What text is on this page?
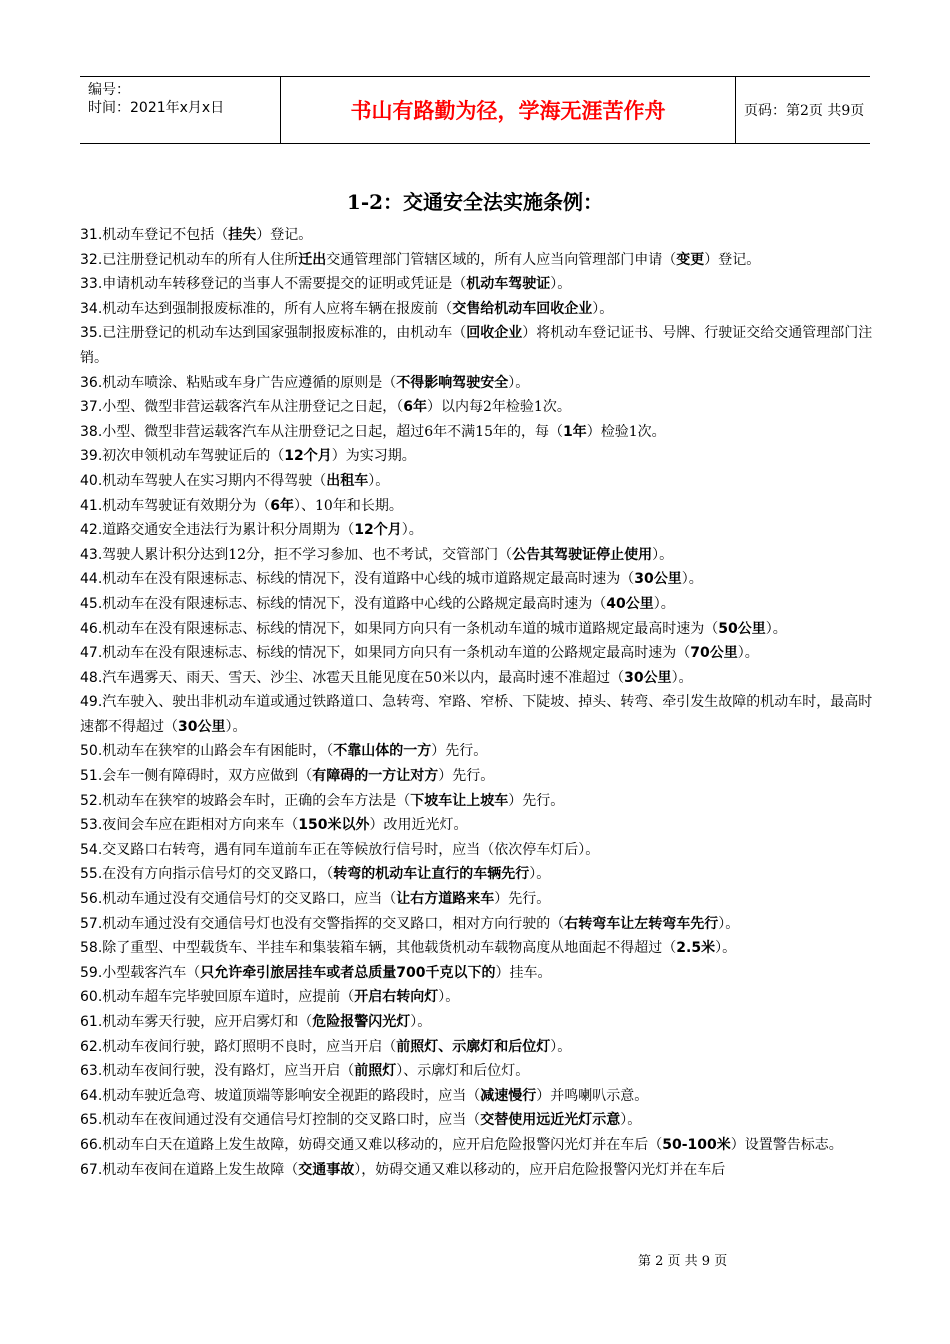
编号：
时间：2021年x月x日	书山有路勤为径，学海无涯苦作舟	页码：第2页 共9页
1-2：交通安全法实施条例：
31.机动车登记不包括（挂失）登记。
32.已注册登记机动车的所有人住所迁出交通管理部门管辖区域的，所有人应当向管理部门申请（变更）登记。
33.申请机动车转移登记的当事人不需要提交的证明或凭证是（机动车驾驶证）。
34.机动车达到强制报废标准的，所有人应将车辆在报废前（交售给机动车回收企业）。
35.已注册登记的机动车达到国家强制报废标准的，由机动车（回收企业）将机动车登记证书、号牌、行驶证交给交通管理部门注销。
36.机动车喷涂、粘贴或车身广告应遵循的原则是（不得影响驾驶安全）。
37.小型、微型非营运载客汽车从注册登记之日起，（6年）以内每2年检验1次。
38.小型、微型非营运载客汽车从注册登记之日起，超过6年不满15年的，每（1年）检验1次。
39.初次申领机动车驾驶证后的（12个月）为实习期。
40.机动车驾驶人在实习期内不得驾驶（出租车）。
41.机动车驾驶证有效期分为（6年）、10年和长期。
42.道路交通安全违法行为累计积分周期为（12个月）。
43.驾驶人累计积分达到12分，拒不学习参加、也不考试，交管部门（公告其驾驶证停止使用）。
44.机动车在没有限速标志、标线的情况下，没有道路中心线的城市道路规定最高时速为（30公里）。
45.机动车在没有限速标志、标线的情况下，没有道路中心线的公路规定最高时速为（40公里）。
46.机动车在没有限速标志、标线的情况下，如果同方向只有一条机动车道的城市道路规定最高时速为（50公里）。
47.机动车在没有限速标志、标线的情况下，如果同方向只有一条机动车道的公路规定最高时速为（70公里）。
48.汽车遇雾天、雨天、雪天、沙尘、冰雹天且能见度在50米以内，最高时速不准超过（30公里）。
49.汽车驶入、驶出非机动车道或通过铁路道口、急转弯、窄路、窄桥、下陡坡、掉头、转弯、牵引发生故障的机动车时，最高时速都不得超过（30公里）。
50.机动车在狭窄的山路会车有困能时，（不靠山体的一方）先行。
51.会车一侧有障碍时，双方应做到（有障碍的一方让对方）先行。
52.机动车在狭窄的坡路会车时，正确的会车方法是（下坡车让上坡车）先行。
53.夜间会车应在距相对方向来车（150米以外）改用近光灯。
54.交叉路口右转弯，遇有同车道前车正在等候放行信号时，应当（依次停车灯后）。
55.在没有方向指示信号灯的交叉路口，（转弯的机动车让直行的车辆先行）。
56.机动车通过没有交通信号灯的交叉路口，应当（让右方道路来车）先行。
57.机动车通过没有交通信号灯也没有交警指挥的交叉路口，相对方向行驶的（右转弯车让左转弯车先行）。
58.除了重型、中型载货车、半挂车和集装箱车辆，其他载货机动车载物高度从地面起不得超过（2.5米）。
59.小型载客汽车（只允许牵引旅居挂车或者总质量700千克以下的）挂车。
60.机动车超车完毕驶回原车道时，应提前（开启右转向灯）。
61.机动车雾天行驶，应开启雾灯和（危险报警闪光灯）。
62.机动车夜间行驶，路灯照明不良时，应当开启（前照灯、示廓灯和后位灯）。
63.机动车夜间行驶，没有路灯，应当开启（前照灯）、示廓灯和后位灯。
64.机动车驶近急弯、坡道顶端等影响安全视距的路段时，应当（减速慢行）并鸣喇叭示意。
65.机动车在夜间通过没有交通信号灯控制的交叉路口时，应当（交替使用远近光灯示意）。
66.机动车白天在道路上发生故障，妨碍交通又难以移动的，应开启危险报警闪光灯并在车后（50-100米）设置警告标志。
67.机动车夜间在道路上发生故障（交通事故），妨碍交通又难以移动的，应开启危险报警闪光灯并在车后
第 2 页 共 9 页
